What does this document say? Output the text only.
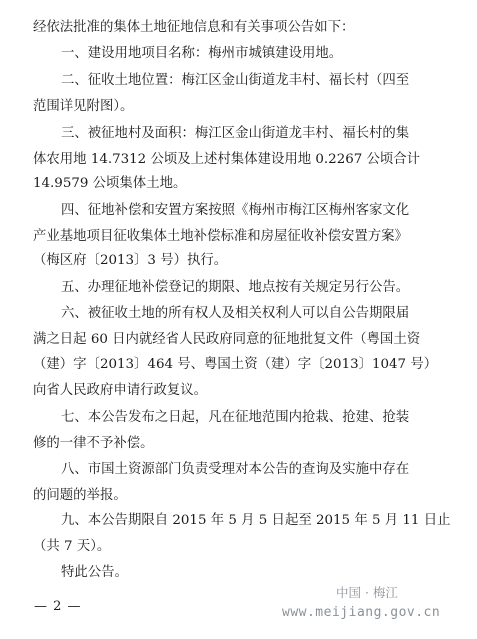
经依法批准的集体土地征地信息和有关事项公告如下：
一、建设用地项目名称：梅州市城镇建设用地。
二、征收土地位置：梅江区金山街道龙丰村、福长村（四至
范围详见附图）。
三、被征地村及面积：梅江区金山街道龙丰村、福长村的集
体农用地 14.7312 公顷及上述村集体建设用地 0.2267 公顷合计
14.9579 公顷集体土地。
四、征地补偿和安置方案按照《梅州市梅江区梅州客家文化
产业基地项目征收集体土地补偿标准和房屋征收补偿安置方案》
（梅区府〔2013〕3 号）执行。
五、办理征地补偿登记的期限、地点按有关规定另行公告。
六、被征收土地的所有权人及相关权利人可以自公告期限届
满之日起 60 日内就经省人民政府同意的征地批复文件（粤国土资
（建）字〔2013〕464 号、粤国土资（建）字〔2013〕1047 号）
向省人民政府申请行政复议。
七、本公告发布之日起，凡在征地范围内抢栽、抢建、抢装
修的一律不予补偿。
八、市国土资源部门负责受理对本公告的查询及实施中存在
的问题的举报。
九、本公告期限自 2015 年 5 月 5 日起至 2015 年 5 月 11 日止
（共 7 天）。
特此公告。
— 2 —
中国 · 梅江
www.meijiang.gov.cn
